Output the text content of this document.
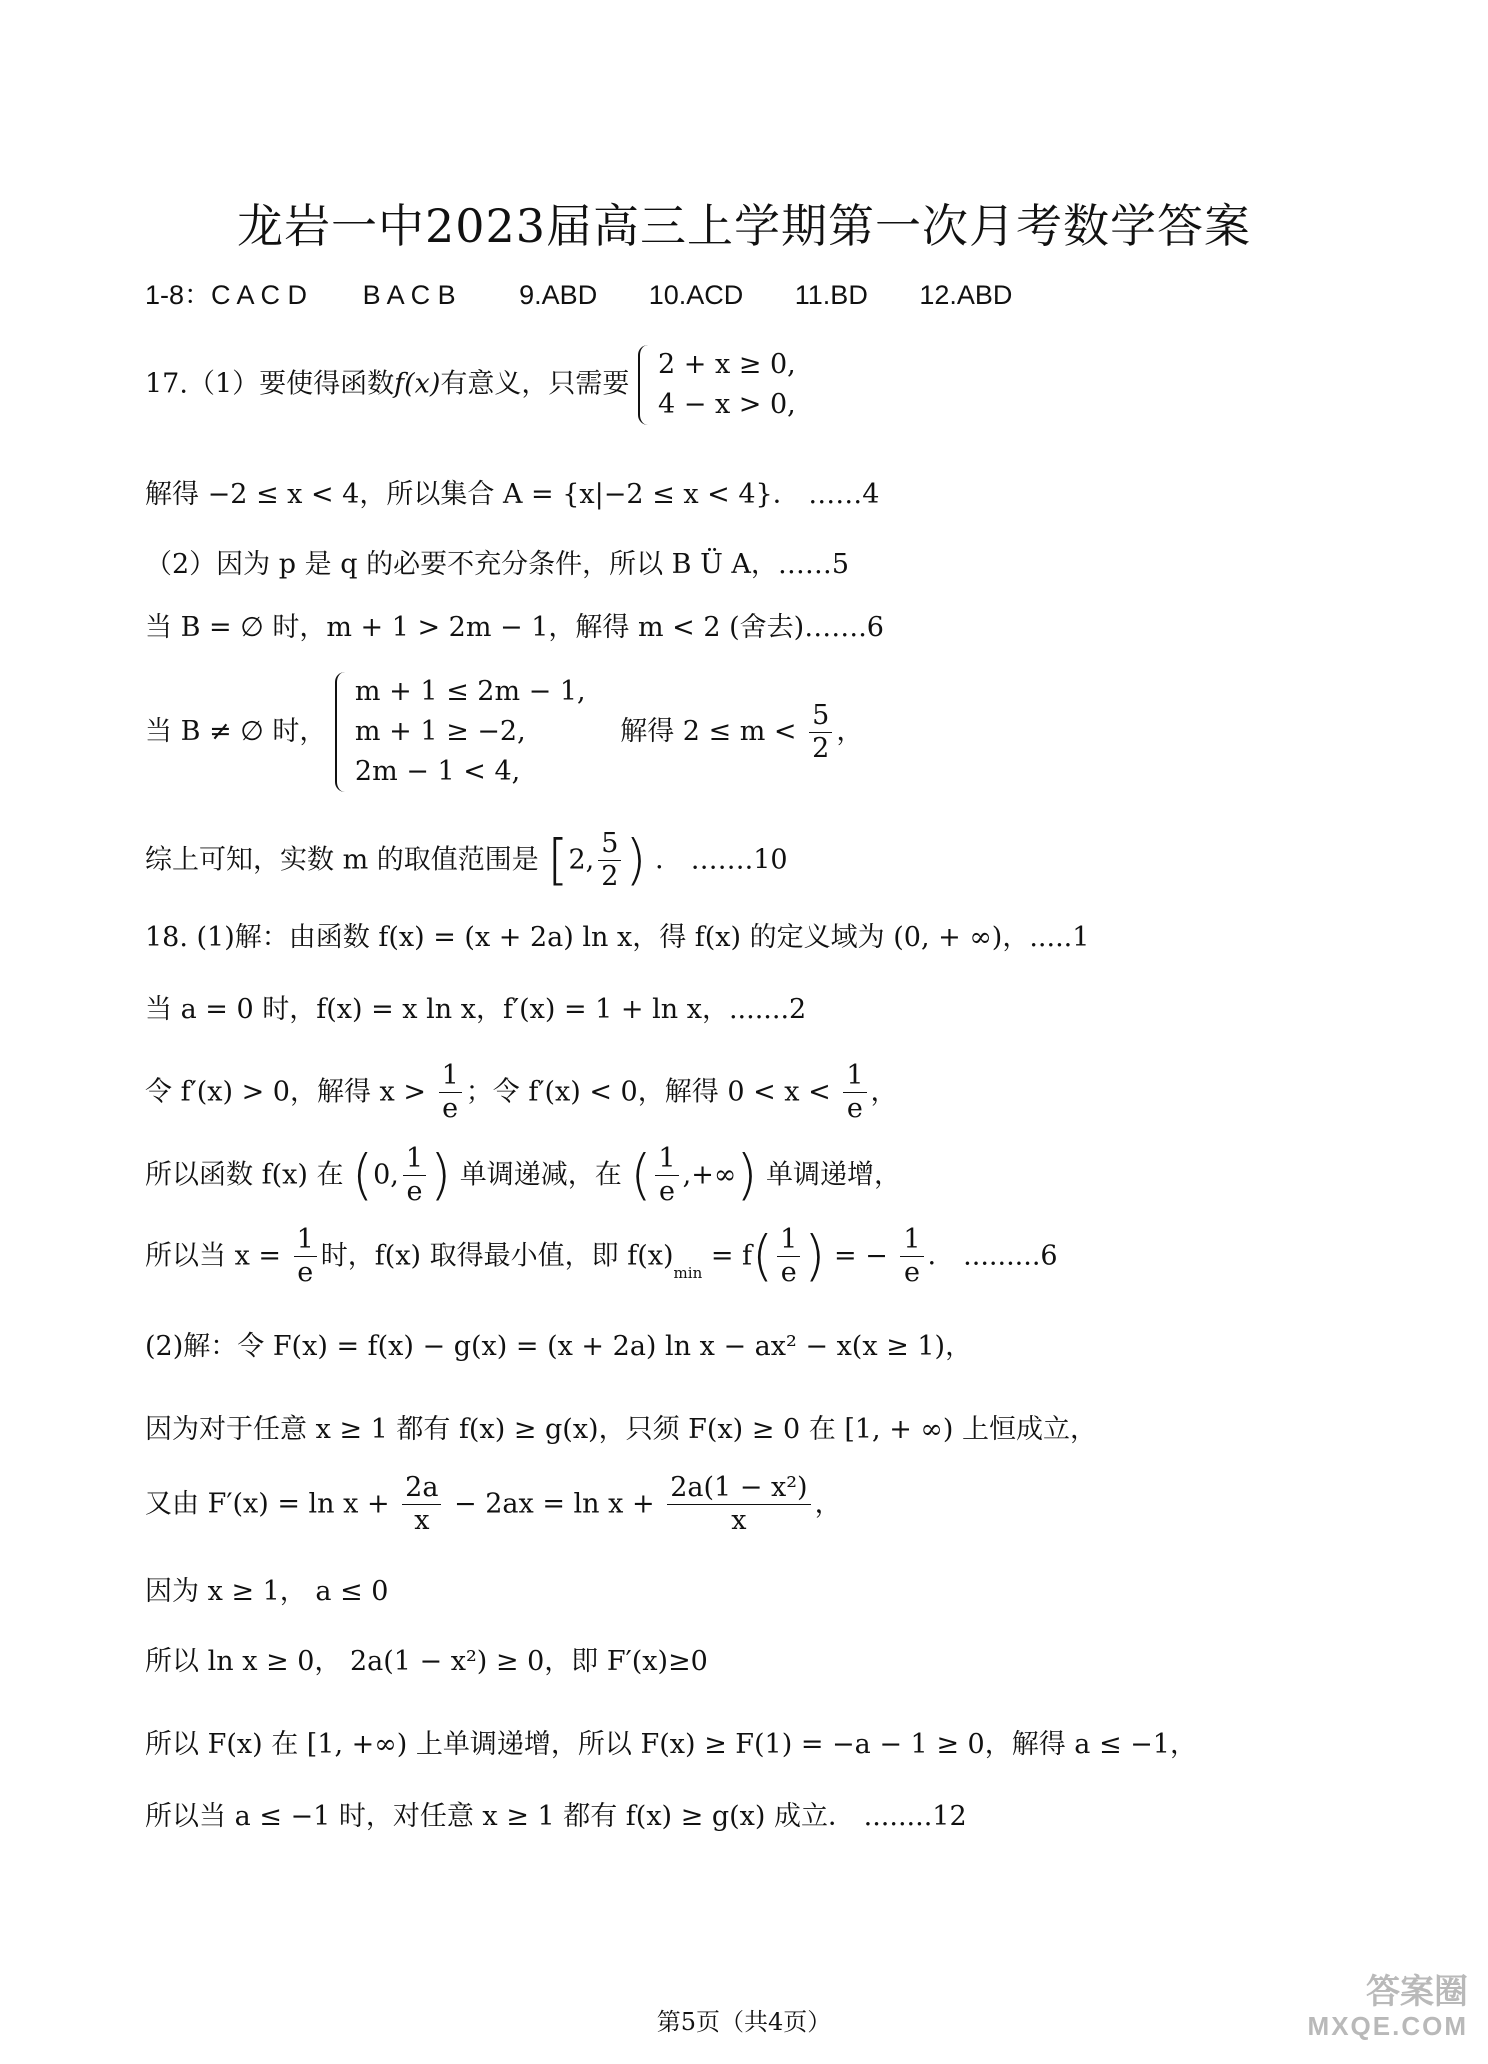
龙岩一中2023届高三上学期第一次月考数学答案
1-8：C A C D B A C B 9.ABD 10.ACD 11.BD 12.ABD
17.（1）要使得函数f(x)有意义，只需要
2 + x ≥ 0,
4 − x > 0,
解得 −2 ≤ x < 4，所以集合 A = {x|−2 ≤ x < 4}． ……4
（2）因为 p 是 q 的必要不充分条件，所以 B Ü A，……5
当 B = ∅ 时，m + 1 > 2m − 1，解得 m < 2 (舍去)…….6
当 B ≠ ∅ 时，
m + 1 ≤ 2m − 1,
m + 1 ≥ −2,
2m − 1 < 4,
解得 $2 \le m < \frac{5}{2}$ ，
综上可知，实数 m 的取值范围是 [2, $\frac{5}{2}$ ) ． …….10
18. (1)解：由函数 f(x) = (x + 2a) ln x，得 f(x) 的定义域为 (0, + ∞)，.....1
当 a = 0 时，f(x) = x ln x，f′(x) = 1 + ln x，.......2
令 f′(x) > 0，解得 $x > \frac{1}{e}$ ；令 f′(x) < 0，解得 $0 < x < \frac{1}{e}$ ，
所以函数 f(x) 在 (0, $\frac{1}{e}$ ) 单调递减，在 ( $\frac{1}{e}$ ,+∞) 单调递增，
所以当 $x = \frac{1}{e}$ 时，f(x) 取得最小值，即 $f(x)_{min} = f( \frac{1}{e}$ ) = − $\frac{1}{e}$ ． .........6
(2)解：令 F(x) = f(x) − g(x) = (x + 2a) ln x − ax² − x(x ≥ 1)，
因为对于任意 x ≥ 1 都有 f(x) ≥ g(x)，只须 F(x) ≥ 0 在 [1, + ∞) 上恒成立，
又由 $F'(x) = \ln x + \frac{2a}{x} - 2ax = \ln x + \frac{\text{2a(1 − x²)}}{x}$ ，
因为 x ≥ 1， a ≤ 0
所以 ln x ≥ 0， 2a(1 − x²) ≥ 0，即 F′(x)≥0
所以 F(x) 在 [1, +∞) 上单调递增，所以 F(x) ≥ F(1) = −a − 1 ≥ 0，解得 a ≤ −1，
所以当 a ≤ −1 时，对任意 x ≥ 1 都有 f(x) ≥ g(x) 成立． ........12
第5页（共4页）
答案圈
MXQE.COM
